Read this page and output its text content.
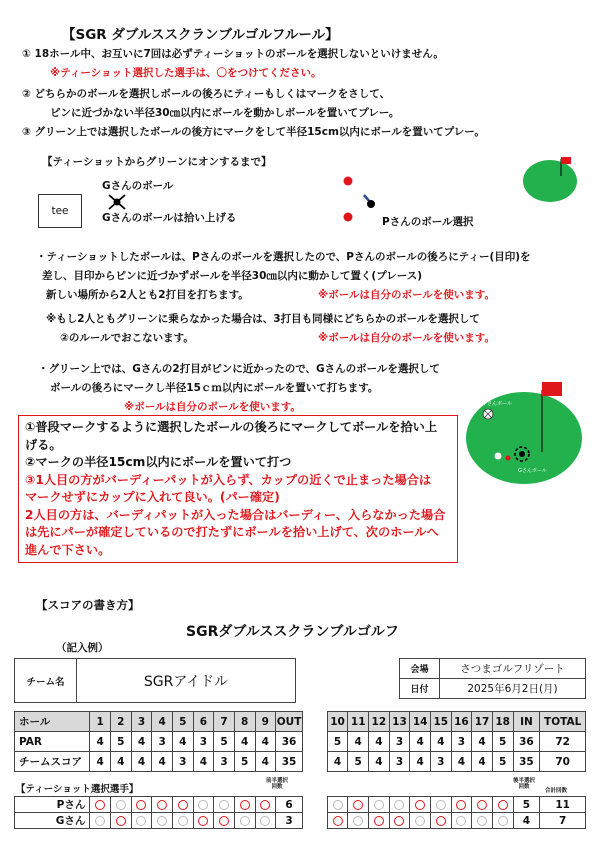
【SGR ダブルススクランブルゴルフルール】
① 18ホール中、お互いに7回は必ずティーショットのボールを選択しないといけません。
※ティーショット選択した選手は、〇をつけてください。
② どちらかのボールを選択しボールの後ろにティーもしくはマークをさして、
ピンに近づかない半径30㎝以内にボールを動かしボールを置いてプレー。
③ グリーン上では選択したボールの後方にマークをして半径15cm以内にボールを置いてプレー。
【ティーショットからグリーンにオンするまで】
tee
Gさんのボール
Gさんのボールは拾い上げる	Pさんのボール選択
・ティーショットしたボールは、Pさんのボールを選択したので、Pさんのボールの後ろにティー(目印)を
差し、目印からピンに近づかずボールを半径30㎝以内に動かして置く(プレース)
新しい場所から2人とも2打目を打ちます。	※ボールは自分のボールを使います。
※もし2人ともグリーンに乗らなかった場合は、3打目も同様にどちらかのボールを選択して
②のルールでおこないます。	※ボールは自分のボールを使います。
・グリーン上では、Gさんの2打目がピンに近かったので、Gさんのボールを選択して
ボールの後ろにマークし半径15ｃｍ以内にボールを置いて打ちます。
※ボールは自分のボールを使います。	Pさんボール
Gさんボール
①普段マークするように選択したボールの後ろにマークしてボールを拾い上
げる。
②マークの半径15cm以内にボールを置いて打つ
③1人目の方がバーディーパットが入らず、カップの近くで止まった場合は
マークせずにカップに入れて良い。(パー確定)
2人目の方は、バーディパットが入った場合はバーディー、入らなかった場合
は先にパーが確定しているので打たずにボールを拾い上げて、次のホールへ
進んで下さい。
【スコアの書き方】
SGRダブルススクランブルゴルフ
（記入例）
チーム名	SGRアイドル
会場	さつまゴルフリゾート
日付	2025年6月2日(月)
ホール	1	2	3	4	5	6	7	8	9	OUT		10	11	12	13	14	15	16	17	18	IN	TOTAL
PAR	4	5	4	3	4	3	5	4	4	36		5	4	4	3	4	4	3	4	5	36	72
チームスコア	4	4	4	4	3	4	3	5	4	35		4	5	4	3	4	3	4	4	5	35	70
【ティーショット選択選手】
前半選択
回数
後半選択
回数
合計回数
Pさん										6											5	11
Gさん										3											4	7
